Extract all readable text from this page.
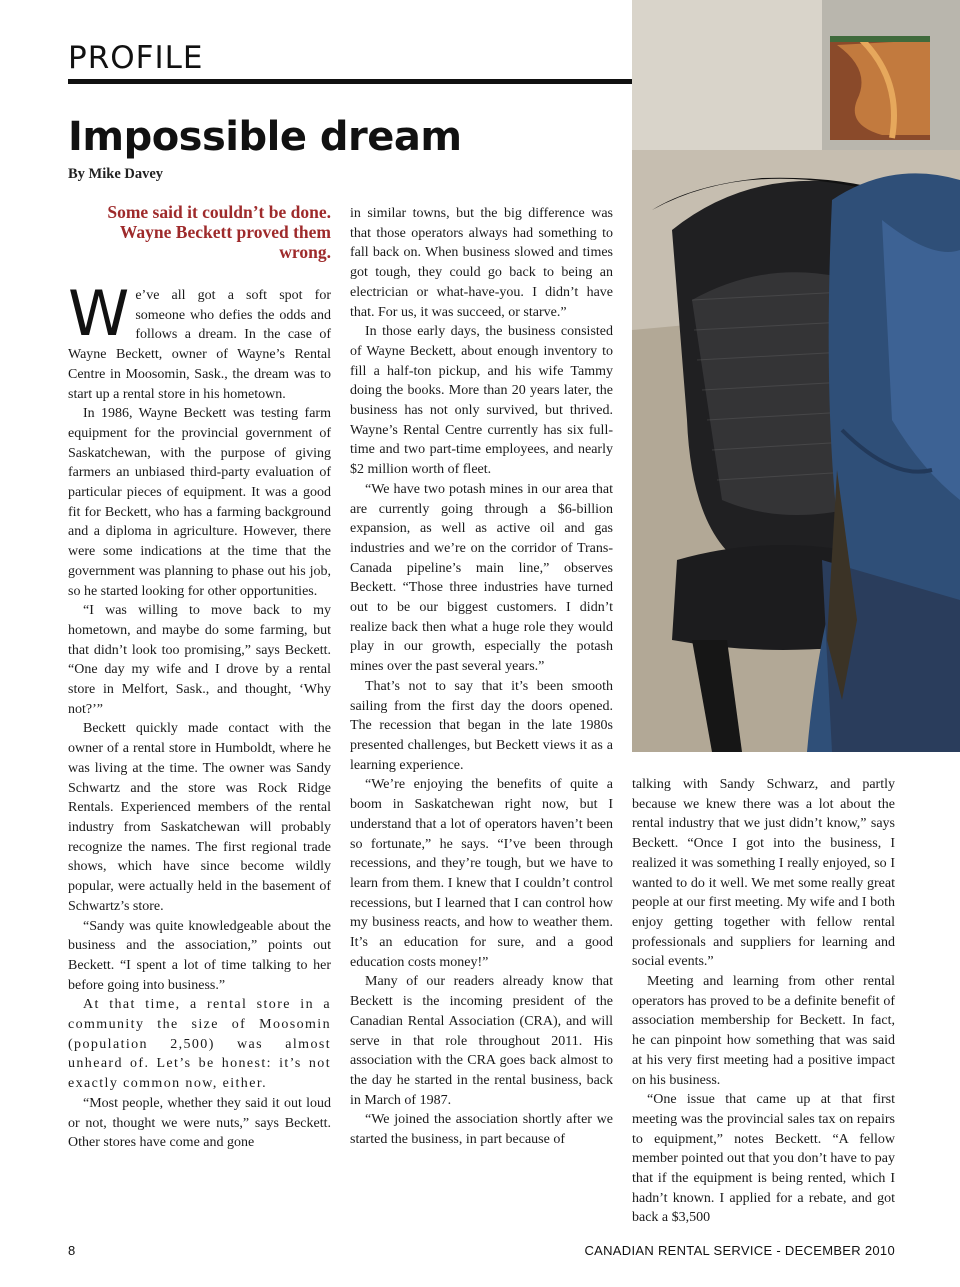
PROFILE
Impossible dream
By Mike Davey
Some said it couldn’t be done. Wayne Beckett proved them wrong.

We’ve all got a soft spot for someone who defies the odds and follows a dream. In the case of Wayne Beckett, owner of Wayne’s Rental Centre in Moosomin, Sask., the dream was to start up a rental store in his hometown.

In 1986, Wayne Beckett was testing farm equipment for the provincial government of Saskatchewan, with the purpose of giving farmers an unbiased third-party evaluation of particular pieces of equipment. It was a good fit for Beckett, who has a farming background and a diploma in agriculture. However, there were some indications at the time that the government was planning to phase out his job, so he started looking for other opportunities.

“I was willing to move back to my hometown, and maybe do some farming, but that didn’t look too promising,” says Beckett. “One day my wife and I drove by a rental store in Melfort, Sask., and thought, ‘Why not?’”

Beckett quickly made contact with the owner of a rental store in Humboldt, where he was living at the time. The owner was Sandy Schwartz and the store was Rock Ridge Rentals. Experienced members of the rental industry from Saskatchewan will probably recognize the names. The first regional trade shows, which have since become wildly popular, were actually held in the basement of Schwartz’s store.

“Sandy was quite knowledgeable about the business and the association,” points out Beckett. “I spent a lot of time talking to her before going into business.”

At that time, a rental store in a community the size of Moosomin (population 2,500) was almost unheard of. Let’s be honest: it’s not exactly common now, either.

“Most people, whether they said it out loud or not, thought we were nuts,” says Beckett. Other stores have come and gone

in similar towns, but the big difference was that those operators always had something to fall back on. When business slowed and times got tough, they could go back to being an electrician or what-have-you. I didn’t have that. For us, it was succeed, or starve.”

In those early days, the business consisted of Wayne Beckett, about enough inventory to fill a half-ton pickup, and his wife Tammy doing the books. More than 20 years later, the business has not only survived, but thrived. Wayne’s Rental Centre currently has six full-time and two part-time employees, and nearly $2 million worth of fleet.

“We have two potash mines in our area that are currently going through a $6-billion expansion, as well as active oil and gas industries and we’re on the corridor of Trans-Canada pipeline’s main line,” observes Beckett. “Those three industries have turned out to be our biggest customers. I didn’t realize back then what a huge role they would play in our growth, especially the potash mines over the past several years.”

That’s not to say that it’s been smooth sailing from the first day the doors opened. The recession that began in the late 1980s presented challenges, but Beckett views it as a learning experience.

“We’re enjoying the benefits of quite a boom in Saskatchewan right now, but I understand that a lot of operators haven’t been so fortunate,” he says. “I’ve been through recessions, and they’re tough, but we have to learn from them. I knew that I couldn’t control recessions, but I learned that I can control how my business reacts, and how to weather them. It’s an education for sure, and a good education costs money!”

Many of our readers already know that Beckett is the incoming president of the Canadian Rental Association (CRA), and will serve in that role throughout 2011. His association with the CRA goes back almost to the day he started in the rental business, back in March of 1987.

“We joined the association shortly after we started the business, in part because of

talking with Sandy Schwarz, and partly because we knew there was a lot about the rental industry that we just didn’t know,” says Beckett. “Once I got into the business, I realized it was something I really enjoyed, so I wanted to do it well. We met some really great people at our first meeting. My wife and I both enjoy getting together with fellow rental professionals and suppliers for learning and social events.”

Meeting and learning from other rental operators has proved to be a definite benefit of association membership for Beckett. In fact, he can pinpoint how something that was said at his very first meeting had a positive impact on his business.

“One issue that came up at that first meeting was the provincial sales tax on repairs to equipment,” notes Beckett. “A fellow member pointed out that you don’t have to pay that if the equipment is being rented, which I hadn’t known. I applied for a rebate, and got back a $3,500

8	CANADIAN RENTAL SERVICE - DECEMBER 2010
